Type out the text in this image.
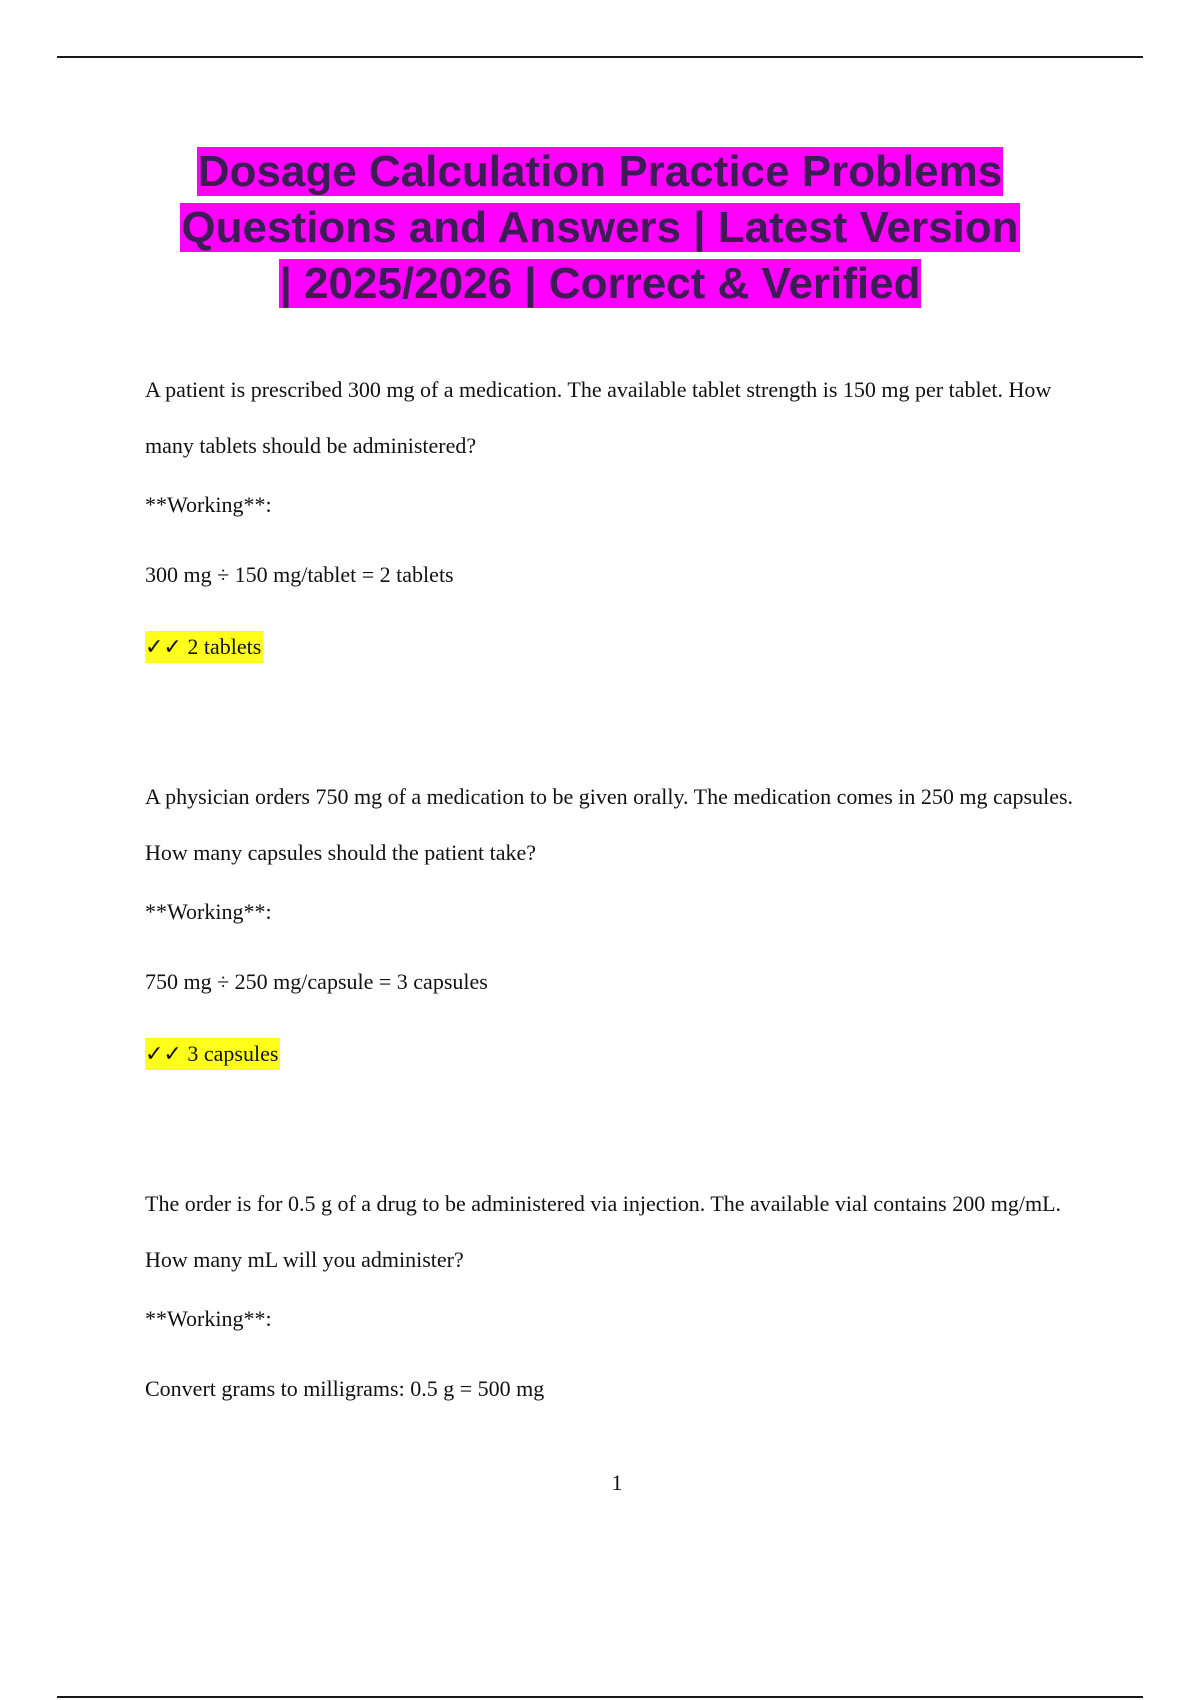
Dosage Calculation Practice Problems
Questions and Answers | Latest Version
| 2025/2026 | Correct & Verified

A patient is prescribed 300 mg of a medication. The available tablet strength is 150 mg per tablet. How many tablets should be administered?

**Working**:

300 mg ÷ 150 mg/tablet = 2 tablets

✓✓ 2 tablets

A physician orders 750 mg of a medication to be given orally. The medication comes in 250 mg capsules. How many capsules should the patient take?

**Working**:

750 mg ÷ 250 mg/capsule = 3 capsules

✓✓ 3 capsules

The order is for 0.5 g of a drug to be administered via injection. The available vial contains 200 mg/mL. How many mL will you administer?

**Working**:

Convert grams to milligrams: 0.5 g = 500 mg

1
